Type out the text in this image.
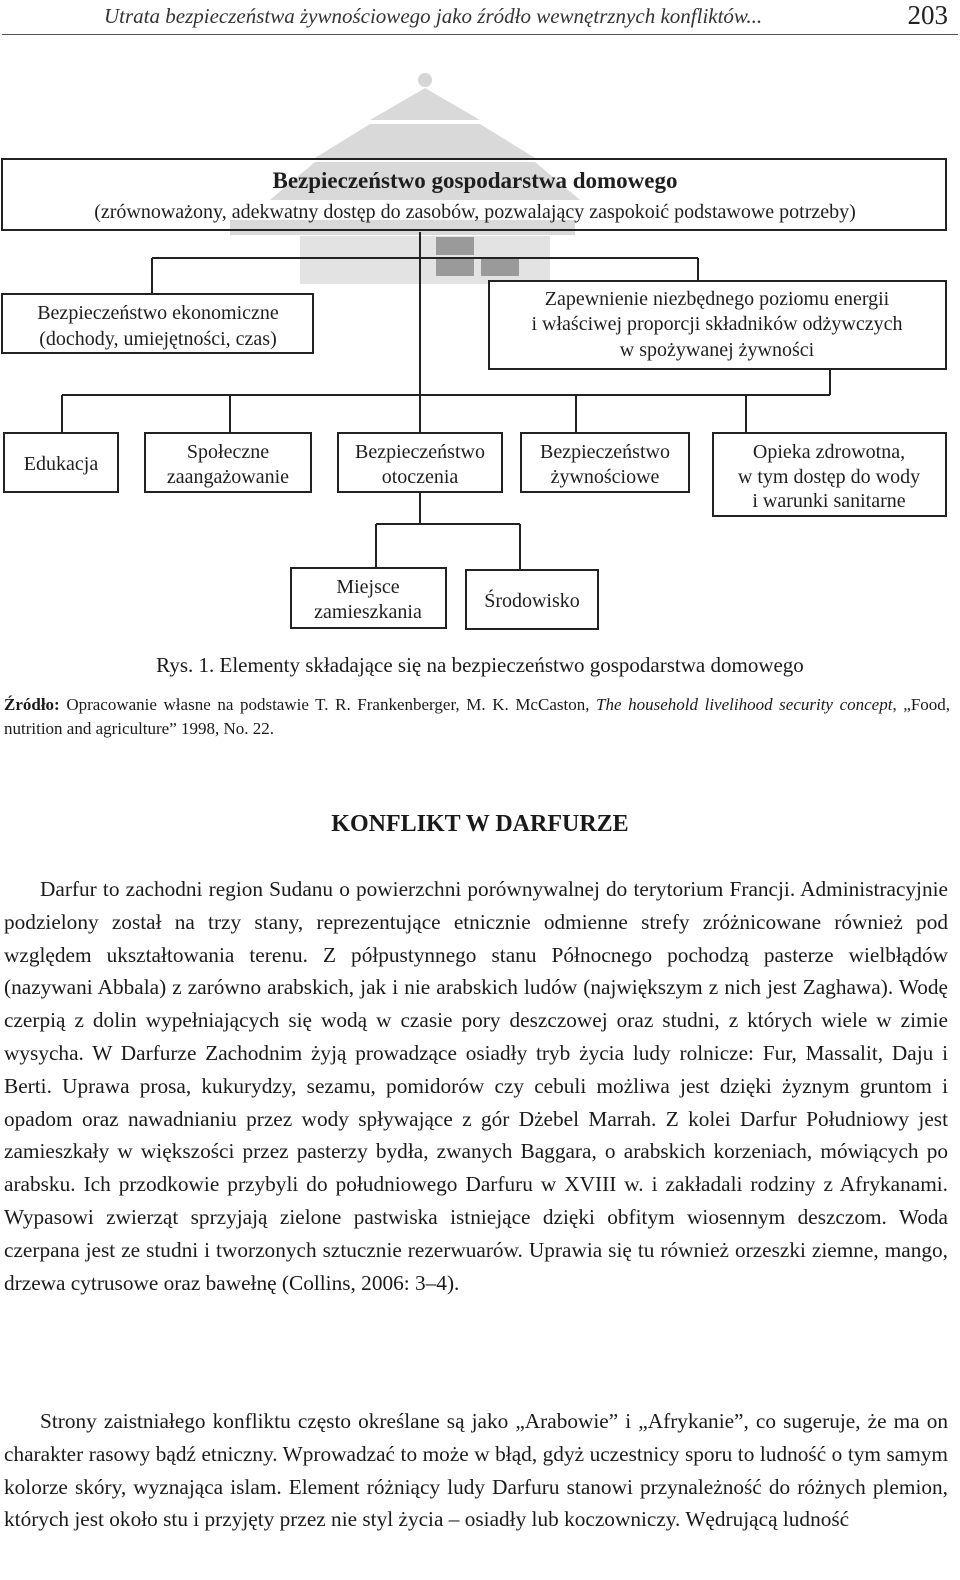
Utrata bezpieczeństwa żywnościowego jako źródło wewnętrznych konfliktów...	203
Bezpieczeństwo gospodarstwa domowego
(zrównoważony, adekwatny dostęp do zasobów, pozwalający zaspokoić podstawowe potrzeby)
Bezpieczeństwo ekonomiczne
(dochody, umiejętności, czas)
Zapewnienie niezbędnego poziomu energii
i właściwej proporcji składników odżywczych
w spożywanej żywności
Edukacja
Społeczne
zaangażowanie
Bezpieczeństwo
otoczenia
Bezpieczeństwo
żywnościowe
Opieka zdrowotna,
w tym dostęp do wody
i warunki sanitarne
Miejsce
zamieszkania	Środowisko
Rys. 1. Elementy składające się na bezpieczeństwo gospodarstwa domowego
Źródło: Opracowanie własne na podstawie T. R. Frankenberger, M. K. McCaston, The household livelihood security concept, „Food, nutrition and agriculture” 1998, No. 22.
KONFLIKT W DARFURZE

Darfur to zachodni region Sudanu o powierzchni porównywalnej do terytorium Francji. Administracyjnie podzielony został na trzy stany, reprezentujące etnicznie odmienne strefy zróżnicowane również pod względem ukształtowania terenu. Z półpustynnego stanu Północnego pochodzą pasterze wielbłądów (nazywani Abbala) z zarówno arabskich, jak i nie arabskich ludów (największym z nich jest Zaghawa). Wodę czerpią z dolin wypełniających się wodą w czasie pory deszczowej oraz studni, z których wiele w zimie wysycha. W Darfurze Zachodnim żyją prowadzące osiadły tryb życia ludy rolnicze: Fur, Massalit, Daju i Berti. Uprawa prosa, kukurydzy, sezamu, pomidorów czy cebuli możliwa jest dzięki żyznym gruntom i opadom oraz nawadnianiu przez wody spływające z gór Dżebel Marrah. Z kolei Darfur Południowy jest zamieszkały w większości przez pasterzy bydła, zwanych Baggara, o arabskich korzeniach, mówiących po arabsku. Ich przodkowie przybyli do południowego Darfuru w XVIII w. i zakładali rodziny z Afrykanami. Wypasowi zwierząt sprzyjają zielone pastwiska istniejące dzięki obfitym wiosennym deszczom. Woda czerpana jest ze studni i tworzonych sztucznie rezerwuarów. Uprawia się tu również orzeszki ziemne, mango, drzewa cytrusowe oraz bawełnę (Collins, 2006: 3–4).

Strony zaistniałego konfliktu często określane są jako „Arabowie” i „Afrykanie”, co sugeruje, że ma on charakter rasowy bądź etniczny. Wprowadzać to może w błąd, gdyż uczestnicy sporu to ludność o tym samym kolorze skóry, wyznająca islam. Element różniący ludy Darfuru stanowi przynależność do różnych plemion, których jest około stu i przyjęty przez nie styl życia – osiadły lub koczowniczy. Wędrującą ludność
